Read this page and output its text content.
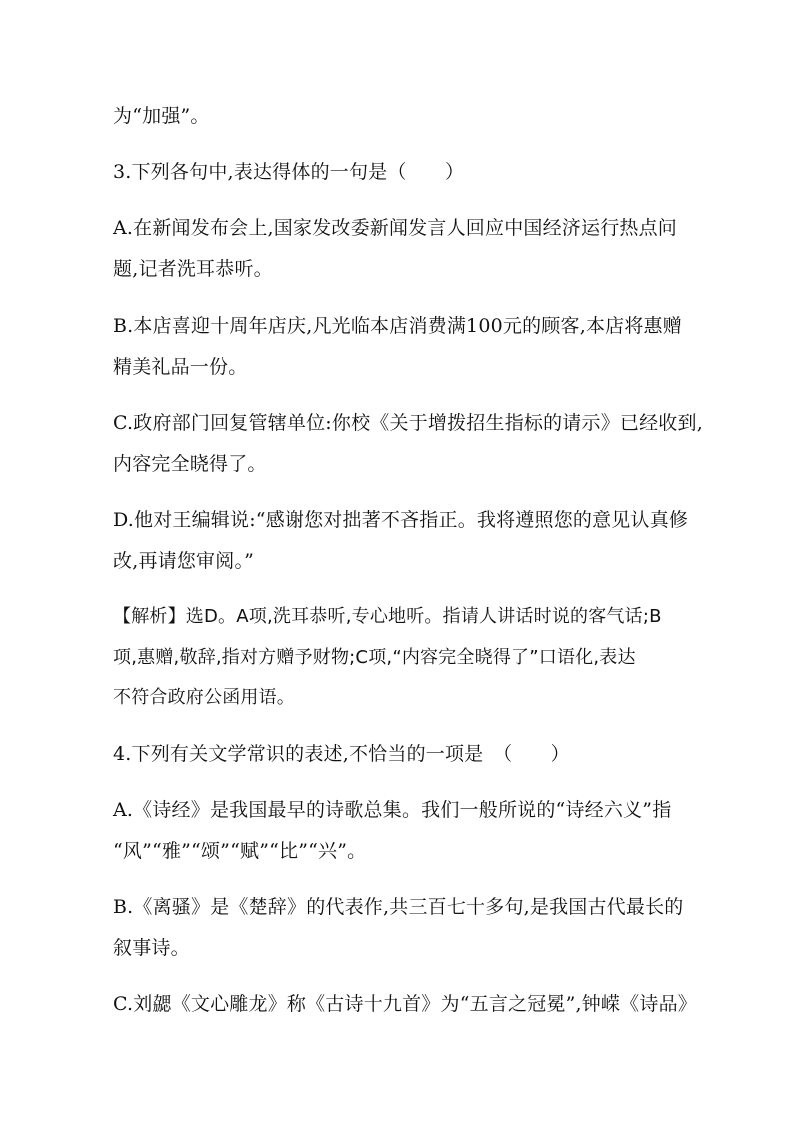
为“加强”。
3.下列各句中,表达得体的一句是（　　）
A.在新闻发布会上,国家发改委新闻发言人回应中国经济运行热点问
题,记者洗耳恭听。
B.本店喜迎十周年店庆,凡光临本店消费满100元的顾客,本店将惠赠
精美礼品一份。
C.政府部门回复管辖单位:你校《关于增拨招生指标的请示》已经收到,
内容完全晓得了。
D.他对王编辑说:“感谢您对拙著不吝指正。我将遵照您的意见认真修
改,再请您审阅。”
【解析】选D。A项,洗耳恭听,专心地听。指请人讲话时说的客气话;B
项,惠赠,敬辞,指对方赠予财物;C项,“内容完全晓得了”口语化,表达
不符合政府公函用语。
4.下列有关文学常识的表述,不恰当的一项是　（　　）
A.《诗经》是我国最早的诗歌总集。我们一般所说的“诗经六义”指
“风”“雅”“颂”“赋”“比”“兴”。
B.《离骚》是《楚辞》的代表作,共三百七十多句,是我国古代最长的
叙事诗。
C.刘勰《文心雕龙》称《古诗十九首》为“五言之冠冕”,钟嵘《诗品》
